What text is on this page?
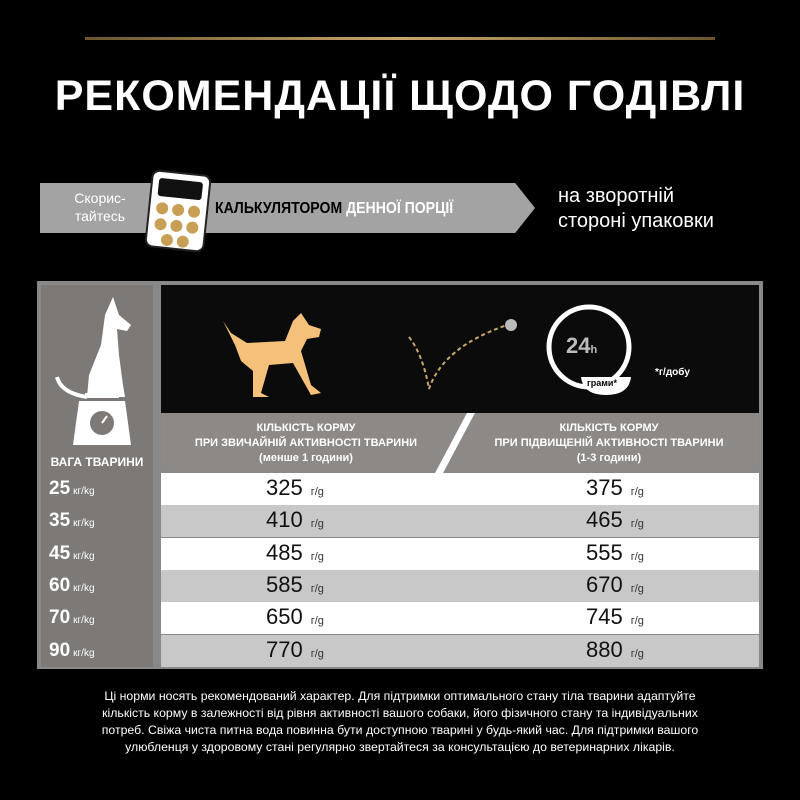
РЕКОМЕНДАЦІЇ ЩОДО ГОДІВЛІ
Скорис-
тайтесь	КАЛЬКУЛЯТОРОМ ДЕННОЇ ПОРЦІЇ
на зворотній
стороні упаковки
ВАГА ТВАРИНИ
24h
грами*
*г/добу
КІЛЬКІСТЬ КОРМУ
ПРИ ЗВИЧАЙНІЙ АКТИВНОСТІ ТВАРИНИ
(менше 1 години)
КІЛЬКІСТЬ КОРМУ
ПРИ ПІДВИЩЕНІЙ АКТИВНОСТІ ТВАРИНИ
(1-3 години)
25 кг/kg	325 г/g	375 г/g
35 кг/kg	410 г/g	465 г/g
45 кг/kg	485 г/g	555 г/g
60 кг/kg	585 г/g	670 г/g
70 кг/kg	650 г/g	745 г/g
90 кг/kg	770 г/g	880 г/g
Ці норми носять рекомендований характер. Для підтримки оптимального стану тіла тварини адаптуйте
кількість корму в залежності від рівня активності вашого собаки, його фізичного стану та індивідуальних
потреб. Свіжа чиста питна вода повинна бути доступною тварині у будь-який час. Для підтримки вашого
улюбленця у здоровому стані регулярно звертайтеся за консультацією до ветеринарних лікарів.
